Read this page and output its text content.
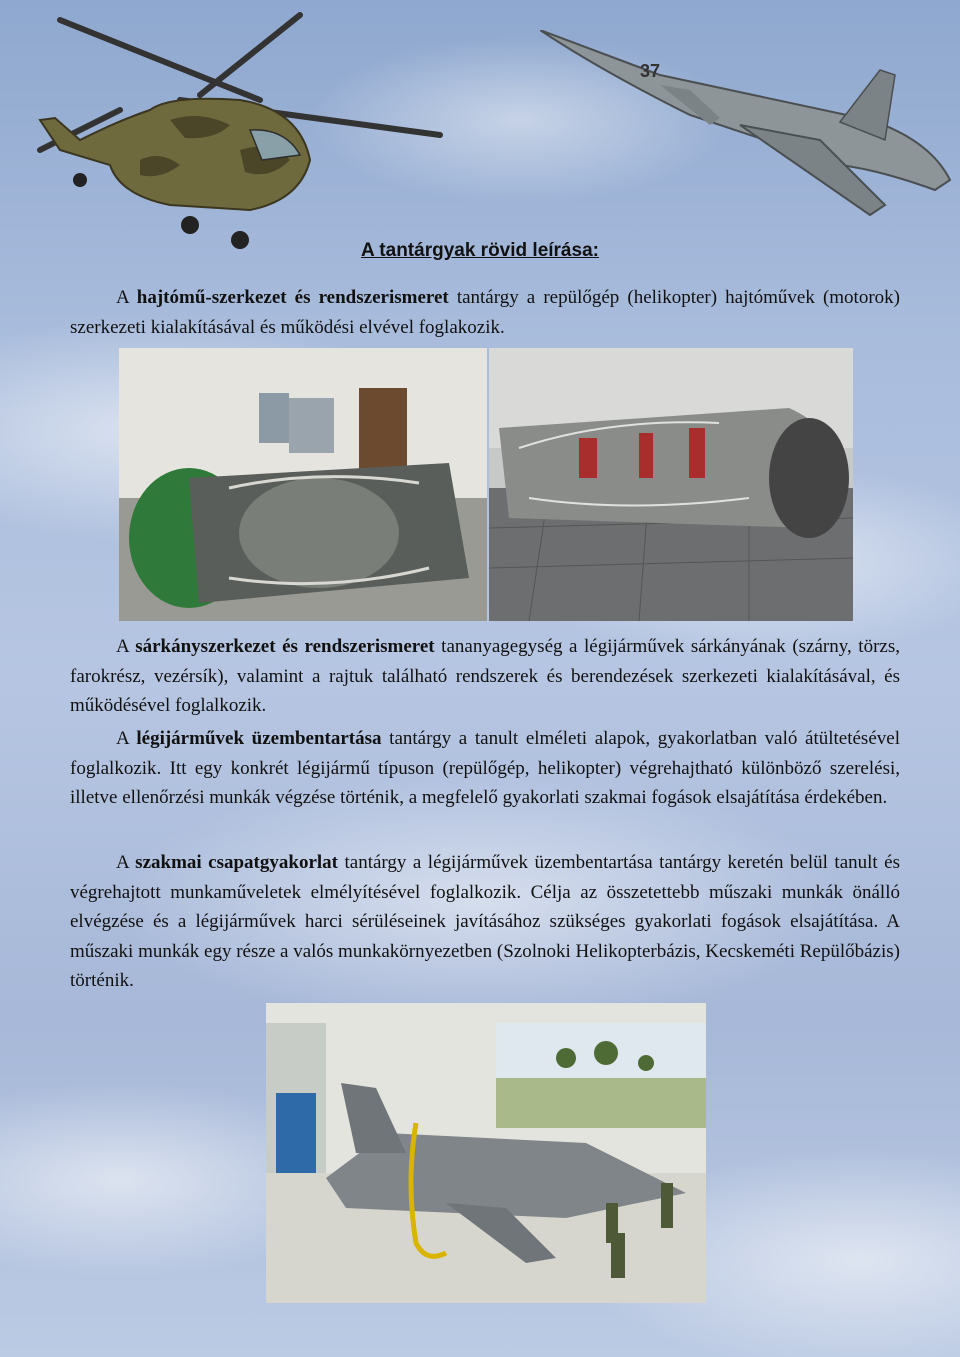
37
A tantárgyak rövid leírása:
A hajtómű-szerkezet és rendszerismeret tantárgy a repülőgép (helikopter) hajtóművek (motorok) szerkezeti kialakításával és működési elvével foglakozik.
A sárkányszerkezet és rendszerismeret tananyagegység a légijárművek sárkányának (szárny, törzs, farokrész, vezérsík), valamint a rajtuk található rendszerek és berendezések szerkezeti kialakításával, és működésével foglalkozik.
A légijárművek üzembentartása tantárgy a tanult elméleti alapok, gyakorlatban való átültetésével foglalkozik. Itt egy konkrét légijármű típuson (repülőgép, helikopter) végrehajtható különböző szerelési, illetve ellenőrzési munkák végzése történik, a megfelelő gyakorlati szakmai fogások elsajátítása érdekében.
A szakmai csapatgyakorlat tantárgy a légijárművek üzembentartása tantárgy keretén belül tanult és végrehajtott munkaműveletek elmélyítésével foglalkozik. Célja az összetettebb műszaki munkák önálló elvégzése és a légijárművek harci sérüléseinek javításához szükséges gyakorlati fogások elsajátítása. A műszaki munkák egy része a valós munkakörnyezetben (Szolnoki Helikopterbázis, Kecskeméti Repülőbázis) történik.
